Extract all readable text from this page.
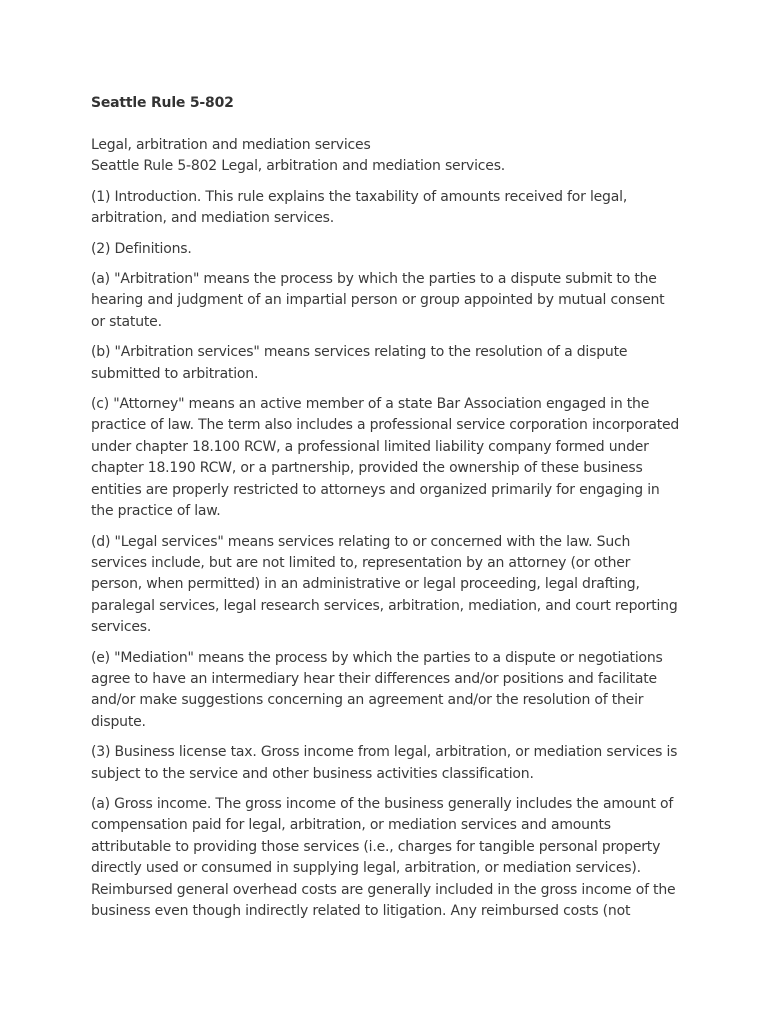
Seattle Rule 5-802
Legal, arbitration and mediation services
Seattle Rule 5-802 Legal, arbitration and mediation services.

(1) Introduction. This rule explains the taxability of amounts received for legal, arbitration, and mediation services.

(2) Definitions.

(a) "Arbitration" means the process by which the parties to a dispute submit to the hearing and judgment of an impartial person or group appointed by mutual consent or statute.

(b) "Arbitration services" means services relating to the resolution of a dispute submitted to arbitration.

(c) "Attorney" means an active member of a state Bar Association engaged in the practice of law. The term also includes a professional service corporation incorporated under chapter 18.100 RCW, a professional limited liability company formed under chapter 18.190 RCW, or a partnership, provided the ownership of these business entities are properly restricted to attorneys and organized primarily for engaging in the practice of law.

(d) "Legal services" means services relating to or concerned with the law. Such services include, but are not limited to, representation by an attorney (or other person, when permitted) in an administrative or legal proceeding, legal drafting, paralegal services, legal research services, arbitration, mediation, and court reporting services.

(e) "Mediation" means the process by which the parties to a dispute or negotiations agree to have an intermediary hear their differences and/or positions and facilitate and/or make suggestions concerning an agreement and/or the resolution of their dispute.

(3) Business license tax. Gross income from legal, arbitration, or mediation services is subject to the service and other business activities classification.

(a) Gross income. The gross income of the business generally includes the amount of compensation paid for legal, arbitration, or mediation services and amounts attributable to providing those services (i.e., charges for tangible personal property directly used or consumed in supplying legal, arbitration, or mediation services). Reimbursed general overhead costs are generally included in the gross income of the business even though indirectly related to litigation. Any reimbursed costs (not
